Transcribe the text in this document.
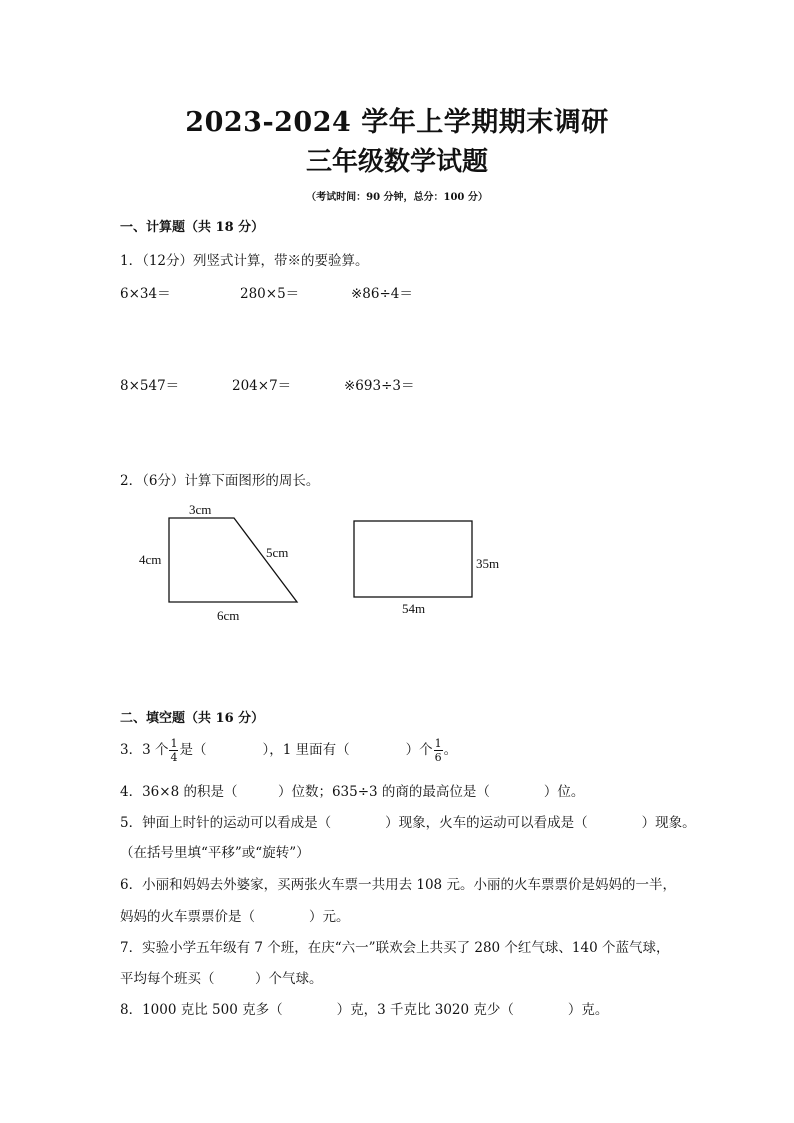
2023-2024 学年上学期期末调研
三年级数学试题
（考试时间：90 分钟，总分：100 分）
一、计算题（共 18 分）
1．（12分）列竖式计算，带※的要验算。
6×34＝	280×5＝	※86÷4＝
8×547＝	204×7＝	※693÷3＝
2．（6分）计算下面图形的周长。
3cm
4cm	5cm
6cm
35m
54m
二、填空题（共 16 分）
3．3 个 $\frac{1}{4}$ 是（	），1 里面有（	）个 $\frac{1}{6}$ 。
4．36×8 的积是（　　　）位数；635÷3 的商的最高位是（　　　　）位。
5．钟面上时针的运动可以看成是（　　　　）现象，火车的运动可以看成是（　　　　）现象。
（在括号里填“平移”或“旋转”）
6．小丽和妈妈去外婆家，买两张火车票一共用去 108 元。小丽的火车票票价是妈妈的一半，
妈妈的火车票票价是（　　　　）元。
7．实验小学五年级有 7 个班，在庆“六一”联欢会上共买了 280 个红气球、140 个蓝气球，
平均每个班买（　　　）个气球。
8．1000 克比 500 克多（　　　　）克，3 千克比 3020 克少（　　　　）克。
